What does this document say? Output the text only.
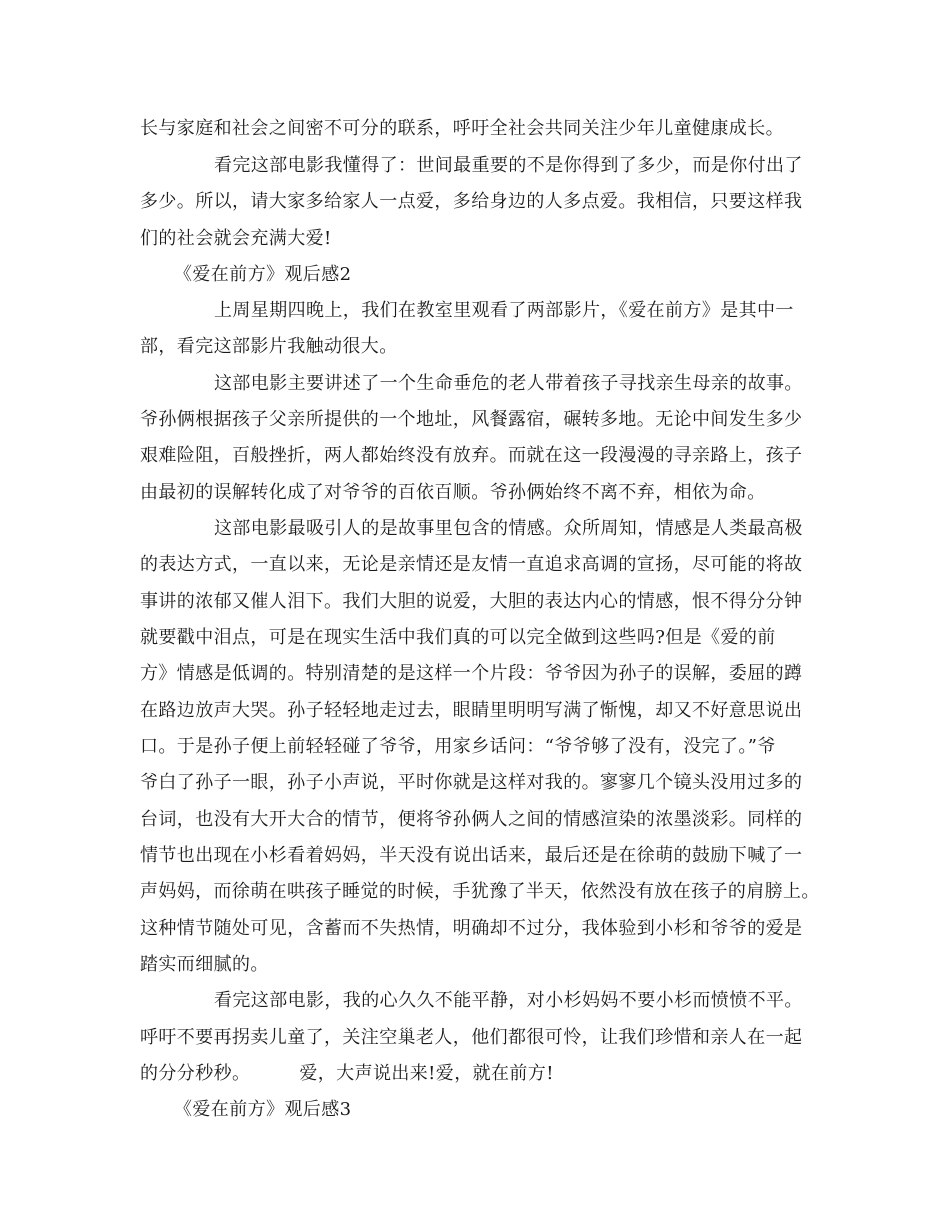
长与家庭和社会之间密不可分的联系，呼吁全社会共同关注少年儿童健康成长。
看完这部电影我懂得了：世间最重要的不是你得到了多少，而是你付出了
多少。所以，请大家多给家人一点爱，多给身边的人多点爱。我相信，只要这样我
们的社会就会充满大爱!
《爱在前方》观后感2
上周星期四晚上，我们在教室里观看了两部影片，《爱在前方》是其中一
部，看完这部影片我触动很大。
这部电影主要讲述了一个生命垂危的老人带着孩子寻找亲生母亲的故事。
爷孙俩根据孩子父亲所提供的一个地址，风餐露宿，碾转多地。无论中间发生多少
艰难险阻，百般挫折，两人都始终没有放弃。而就在这一段漫漫的寻亲路上，孩子
由最初的误解转化成了对爷爷的百依百顺。爷孙俩始终不离不弃，相依为命。
这部电影最吸引人的是故事里包含的情感。众所周知，情感是人类最高极
的表达方式，一直以来，无论是亲情还是友情一直追求高调的宣扬，尽可能的将故
事讲的浓郁又催人泪下。我们大胆的说爱，大胆的表达内心的情感，恨不得分分钟
就要戳中泪点，可是在现实生活中我们真的可以完全做到这些吗?但是《爱的前
方》情感是低调的。特别清楚的是这样一个片段：爷爷因为孙子的误解，委屈的蹲
在路边放声大哭。孙子轻轻地走过去，眼睛里明明写满了惭愧，却又不好意思说出
口。于是孙子便上前轻轻碰了爷爷，用家乡话问：“爷爷够了没有，没完了。”爷
爷白了孙子一眼，孙子小声说，平时你就是这样对我的。寥寥几个镜头没用过多的
台词，也没有大开大合的情节，便将爷孙俩人之间的情感渲染的浓墨淡彩。同样的
情节也出现在小杉看着妈妈，半天没有说出话来，最后还是在徐萌的鼓励下喊了一
声妈妈，而徐萌在哄孩子睡觉的时候，手犹豫了半天，依然没有放在孩子的肩膀上。
这种情节随处可见，含蓄而不失热情，明确却不过分，我体验到小杉和爷爷的爱是
踏实而细腻的。
看完这部电影，我的心久久不能平静，对小杉妈妈不要小杉而愤愤不平。
呼吁不要再拐卖儿童了，关注空巢老人，他们都很可怜，让我们珍惜和亲人在一起
的分分秒秒。        爱，大声说出来!爱，就在前方!
《爱在前方》观后感3
